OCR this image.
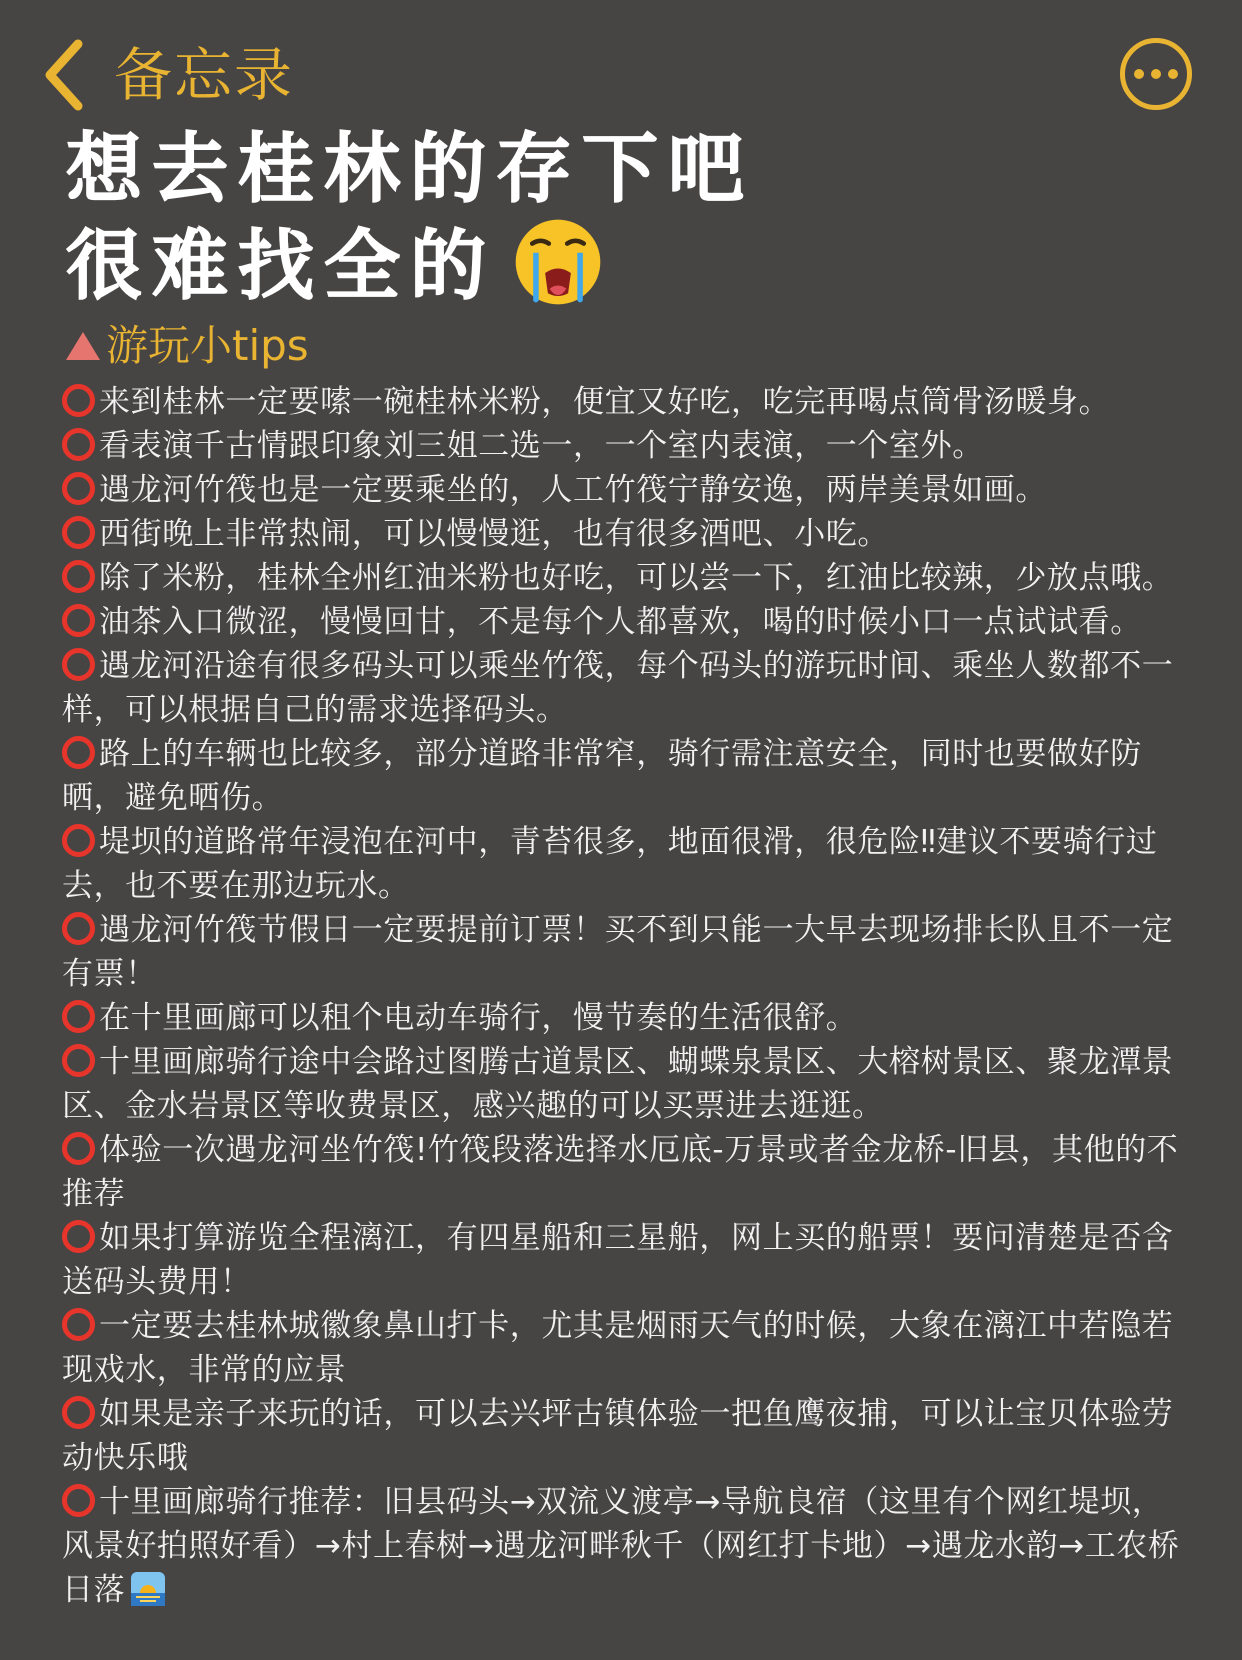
备忘录
想去桂林的存下吧
很难找全的
游玩小tips

来到桂林一定要嗦一碗桂林米粉，便宜又好吃，吃完再喝点筒骨汤暖身。

看表演千古情跟印象刘三姐二选一，一个室内表演，一个室外。

遇龙河竹筏也是一定要乘坐的，人工竹筏宁静安逸，两岸美景如画。

西街晚上非常热闹，可以慢慢逛，也有很多酒吧、小吃。

除了米粉，桂林全州红油米粉也好吃，可以尝一下，红油比较辣，少放点哦。

油茶入口微涩，慢慢回甘，不是每个人都喜欢，喝的时候小口一点试试看。

遇龙河沿途有很多码头可以乘坐竹筏，每个码头的游玩时间、乘坐人数都不一样，可以根据自己的需求选择码头。

路上的车辆也比较多，部分道路非常窄，骑行需注意安全，同时也要做好防晒，避免晒伤。

堤坝的道路常年浸泡在河中，青苔很多，地面很滑，很危险‼建议不要骑行过去，也不要在那边玩水。

遇龙河竹筏节假日一定要提前订票！买不到只能一大早去现场排长队且不一定有票！

在十里画廊可以租个电动车骑行，慢节奏的生活很舒。

十里画廊骑行途中会路过图腾古道景区、蝴蝶泉景区、大榕树景区、聚龙潭景区、金水岩景区等收费景区，感兴趣的可以买票进去逛逛。

体验一次遇龙河坐竹筏!竹筏段落选择水厄底-万景或者金龙桥-旧县，其他的不推荐

如果打算游览全程漓江，有四星船和三星船，网上买的船票！要问清楚是否含送码头费用！

一定要去桂林城徽象鼻山打卡，尤其是烟雨天气的时候，大象在漓江中若隐若现戏水，非常的应景

如果是亲子来玩的话，可以去兴坪古镇体验一把鱼鹰夜捕，可以让宝贝体验劳动快乐哦

十里画廊骑行推荐：旧县码头→双流义渡亭→导航良宿（这里有个网红堤坝，风景好拍照好看）→村上春树→遇龙河畔秋千（网红打卡地）→遇龙水韵→工农桥日落
